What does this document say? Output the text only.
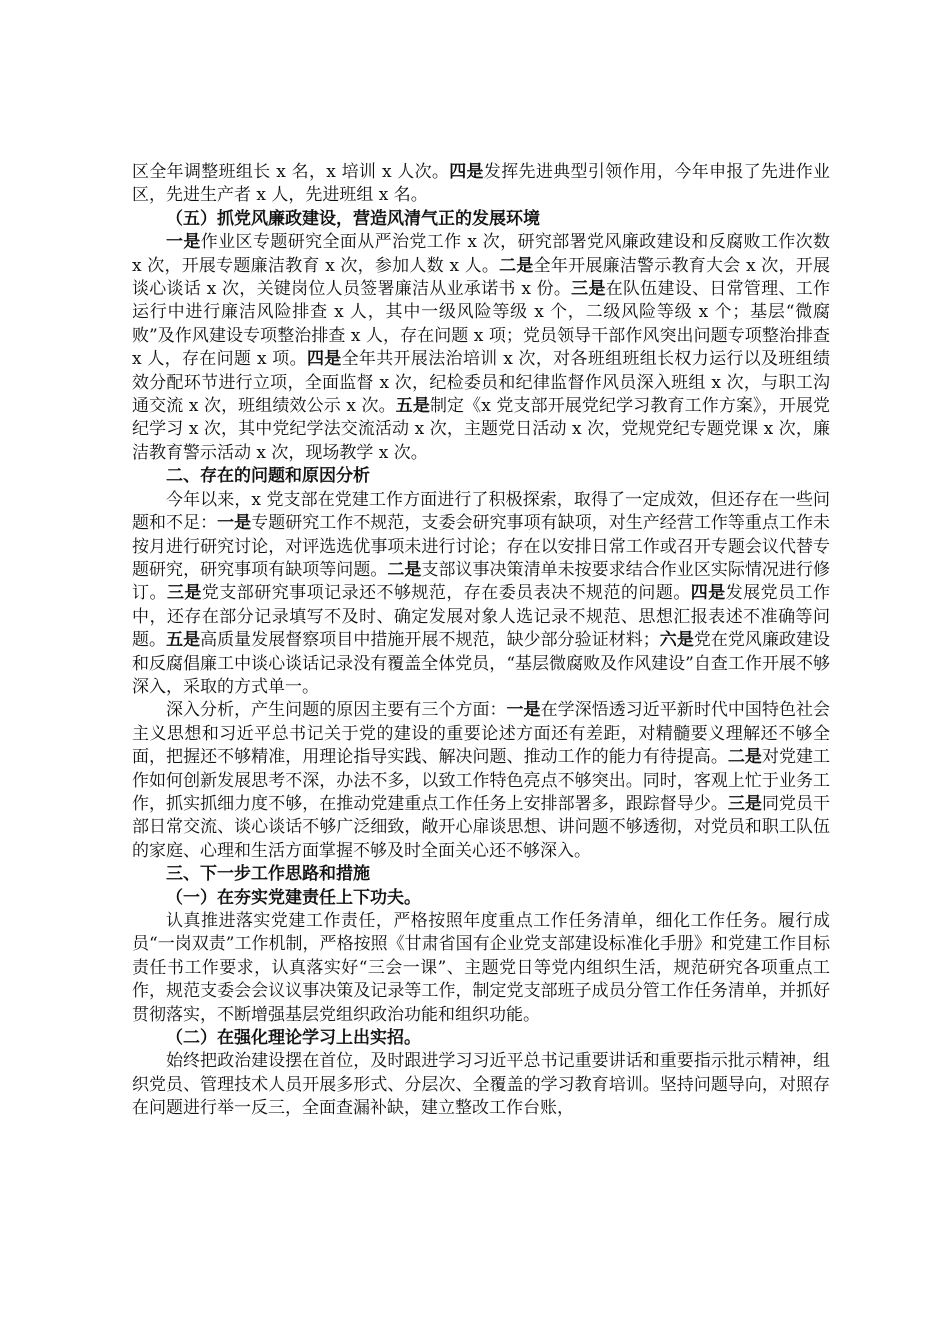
区全年调整班组长 x 名，x 培训 x 人次。四是发挥先进典型引领作用，今年申报了先进作业区，先进生产者 x 人，先进班组 x 名。

（五）抓党风廉政建设，营造风清气正的发展环境

一是作业区专题研究全面从严治党工作 x 次，研究部署党风廉政建设和反腐败工作次数 x 次，开展专题廉洁教育 x 次，参加人数 x 人。二是全年开展廉洁警示教育大会 x 次，开展谈心谈话 x 次，关键岗位人员签署廉洁从业承诺书 x 份。三是在队伍建设、日常管理、工作运行中进行廉洁风险排查 x 人，其中一级风险等级 x 个，二级风险等级 x 个；基层“微腐败”及作风建设专项整治排查 x 人，存在问题 x 项；党员领导干部作风突出问题专项整治排查 x 人，存在问题 x 项。四是全年共开展法治培训 x 次，对各班组班组长权力运行以及班组绩效分配环节进行立项，全面监督 x 次，纪检委员和纪律监督作风员深入班组 x 次，与职工沟通交流 x 次，班组绩效公示 x 次。五是制定《x 党支部开展党纪学习教育工作方案》，开展党纪学习 x 次，其中党纪学法交流活动 x 次，主题党日活动 x 次，党规党纪专题党课 x 次，廉洁教育警示活动 x 次，现场教学 x 次。

二、存在的问题和原因分析

今年以来，x 党支部在党建工作方面进行了积极探索，取得了一定成效，但还存在一些问题和不足：一是专题研究工作不规范，支委会研究事项有缺项，对生产经营工作等重点工作未按月进行研究讨论，对评选选优事项未进行讨论；存在以安排日常工作或召开专题会议代替专题研究，研究事项有缺项等问题。二是支部议事决策清单未按要求结合作业区实际情况进行修订。三是党支部研究事项记录还不够规范，存在委员表决不规范的问题。四是发展党员工作中，还存在部分记录填写不及时、确定发展对象人选记录不规范、思想汇报表述不准确等问题。五是高质量发展督察项目中措施开展不规范，缺少部分验证材料；六是党在党风廉政建设和反腐倡廉工中谈心谈话记录没有覆盖全体党员，“基层微腐败及作风建设”自查工作开展不够深入，采取的方式单一。

深入分析，产生问题的原因主要有三个方面：一是在学深悟透习近平新时代中国特色社会主义思想和习近平总书记关于党的建设的重要论述方面还有差距，对精髓要义理解还不够全面，把握还不够精准，用理论指导实践、解决问题、推动工作的能力有待提高。二是对党建工作如何创新发展思考不深，办法不多，以致工作特色亮点不够突出。同时，客观上忙于业务工作，抓实抓细力度不够，在推动党建重点工作任务上安排部署多，跟踪督导少。三是同党员干部日常交流、谈心谈话不够广泛细致，敞开心扉谈思想、讲问题不够透彻，对党员和职工队伍的家庭、心理和生活方面掌握不够及时全面关心还不够深入。

三、下一步工作思路和措施

（一）在夯实党建责任上下功夫。

认真推进落实党建工作责任，严格按照年度重点工作任务清单，细化工作任务。履行成员“一岗双责”工作机制，严格按照《甘肃省国有企业党支部建设标准化手册》和党建工作目标责任书工作要求，认真落实好“三会一课”、主题党日等党内组织生活，规范研究各项重点工作，规范支委会会议议事决策及记录等工作，制定党支部班子成员分管工作任务清单，并抓好贯彻落实，不断增强基层党组织政治功能和组织功能。

（二）在强化理论学习上出实招。

始终把政治建设摆在首位，及时跟进学习习近平总书记重要讲话和重要指示批示精神，组织党员、管理技术人员开展多形式、分层次、全覆盖的学习教育培训。坚持问题导向，对照存在问题进行举一反三，全面查漏补缺，建立整改工作台账，
